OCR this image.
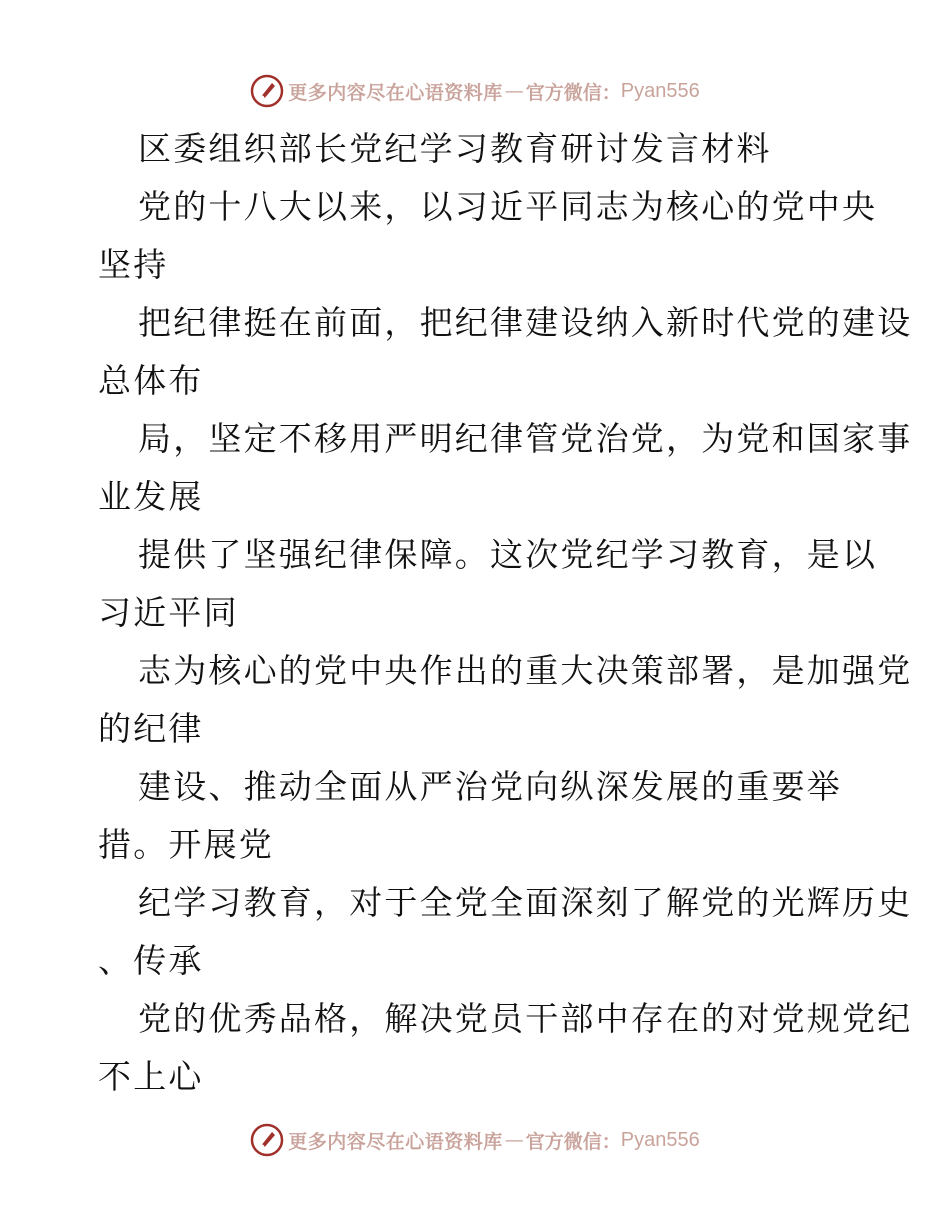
更多内容尽在心语资料库 — 官方微信： Pyan556
区委组织部长党纪学习教育研讨发言材料
党的十八大以来，以习近平同志为核心的党中央
坚持
把纪律挺在前面，把纪律建设纳入新时代党的建设
总体布
局，坚定不移用严明纪律管党治党，为党和国家事
业发展
提供了坚强纪律保障。这次党纪学习教育，是以
习近平同
志为核心的党中央作出的重大决策部署，是加强党
的纪律
建设、推动全面从严治党向纵深发展的重要举
措。开展党
纪学习教育，对于全党全面深刻了解党的光辉历史
、传承
党的优秀品格，解决党员干部中存在的对党规党纪
不上心
更多内容尽在心语资料库 — 官方微信： Pyan556
